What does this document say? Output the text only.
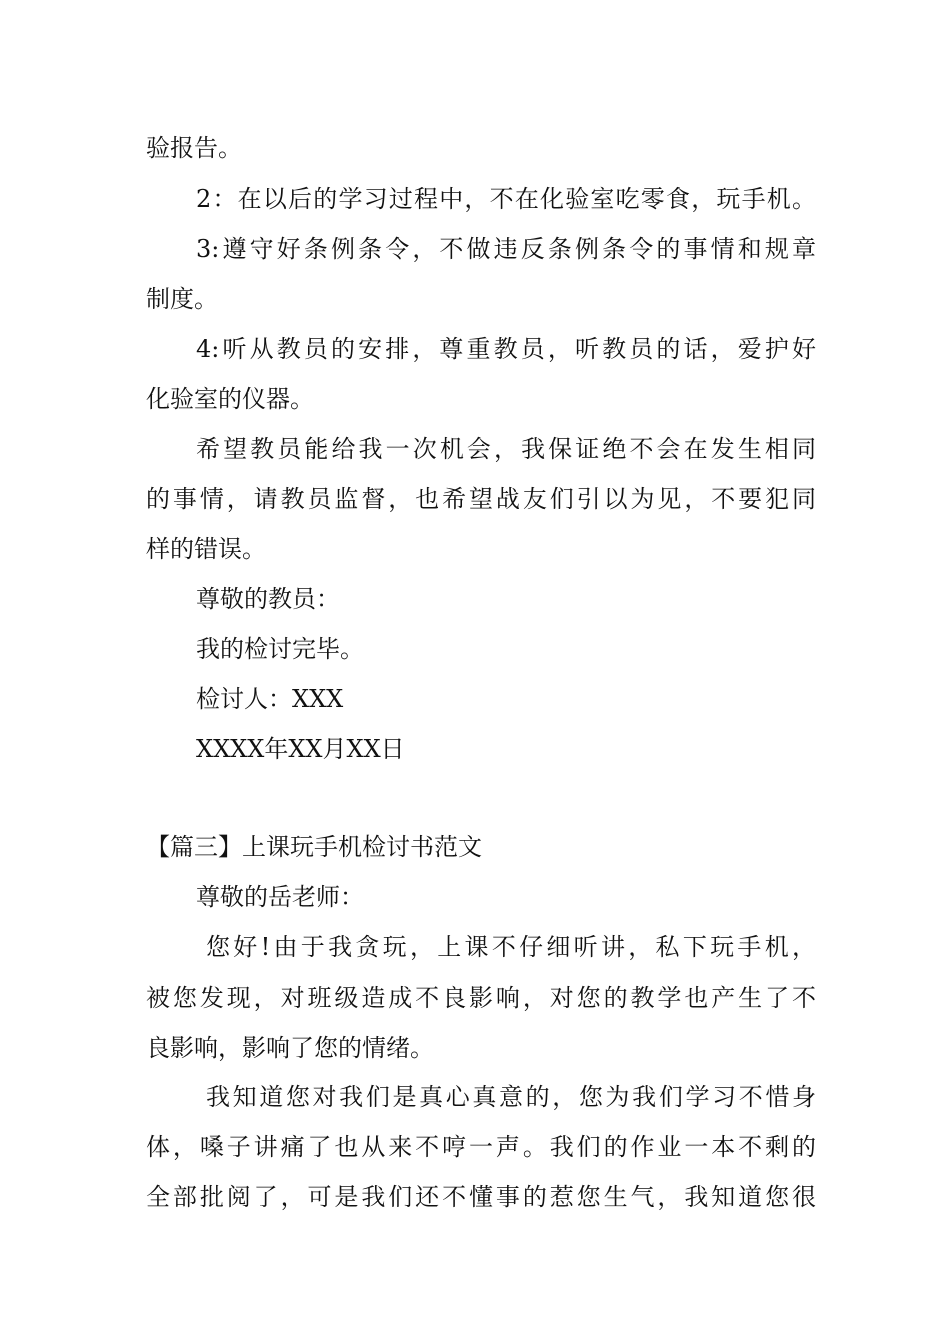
验报告。
2：在以后的学习过程中，不在化验室吃零食，玩手机。
3:遵守好条例条令，不做违反条例条令的事情和规章
制度。
4:听从教员的安排，尊重教员，听教员的话，爱护好
化验室的仪器。
希望教员能给我一次机会，我保证绝不会在发生相同
的事情，请教员监督，也希望战友们引以为见，不要犯同
样的错误。
尊敬的教员：
我的检讨完毕。
检讨人：XXX
XXXX年XX月XX日
【篇三】上课玩手机检讨书范文
尊敬的岳老师：
您好!由于我贪玩，上课不仔细听讲，私下玩手机，
被您发现，对班级造成不良影响，对您的教学也产生了不
良影响，影响了您的情绪。
我知道您对我们是真心真意的，您为我们学习不惜身
体，嗓子讲痛了也从来不哼一声。我们的作业一本不剩的
全部批阅了，可是我们还不懂事的惹您生气，我知道您很
